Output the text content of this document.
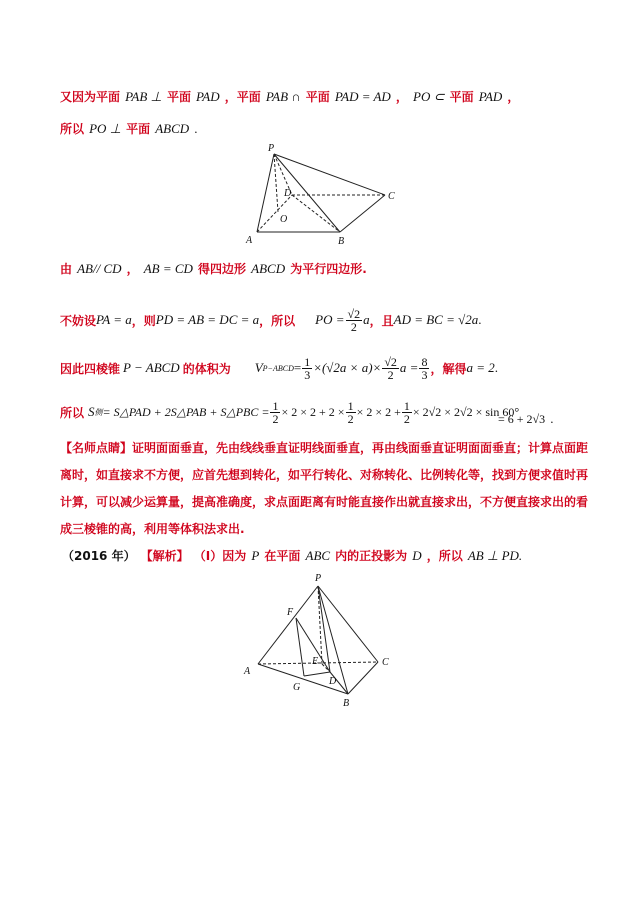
又因为平面 PAB ⊥ 平面 PAD ，平面 PAB ∩ 平面 PAD = AD ， PO ⊂ 平面 PAD ，
所以 PO ⊥ 平面 ABCD .
P
D
O
C
A	B
由 AB// CD ， AB = CD 得四边形 ABCD 为平行四边形.
不妨设 PA = a ，则 PD = AB = DC = a ，所以 PO = $\frac{√2}{2}$ a ，且 AD = BC = √2a .
因此四棱锥 P − ABCD 的体积为 V P−ABCD = $\frac{1}{3} \times(√2a \times a)\times \frac{√2}{2}$ $a = \frac{8}{3}$ ，解得 a = 2 .
所以 S 侧 = S△PAD + 2S△PAB + S△PBC = $\frac{1}{2} \times 2 \times 2 + 2 \times \frac{1}{2} \times 2 \times 2 + \frac{1}{2} \times 2√2 \times 2√2 \times \sin 60^\circ$
= 6 + 2√3 .
【名师点睛】证明面面垂直，先由线线垂直证明线面垂直，再由线面垂直证明面面垂直；计算点面距离时，如直接求不方便，应首先想到转化，如平行转化、对称转化、比例转化等，找到方便求值时再计算，可以减少运算量，提高准确度，求点面距离有时能直接作出就直接求出，不方便直接求出的看成三棱锥的高，利用等体积法求出.
（2016 年） 【解析】 （I）因为 P 在平面 ABC 内的正投影为 D ，所以 AB ⊥ PD.
P
F
E
A
C
G
D
B
